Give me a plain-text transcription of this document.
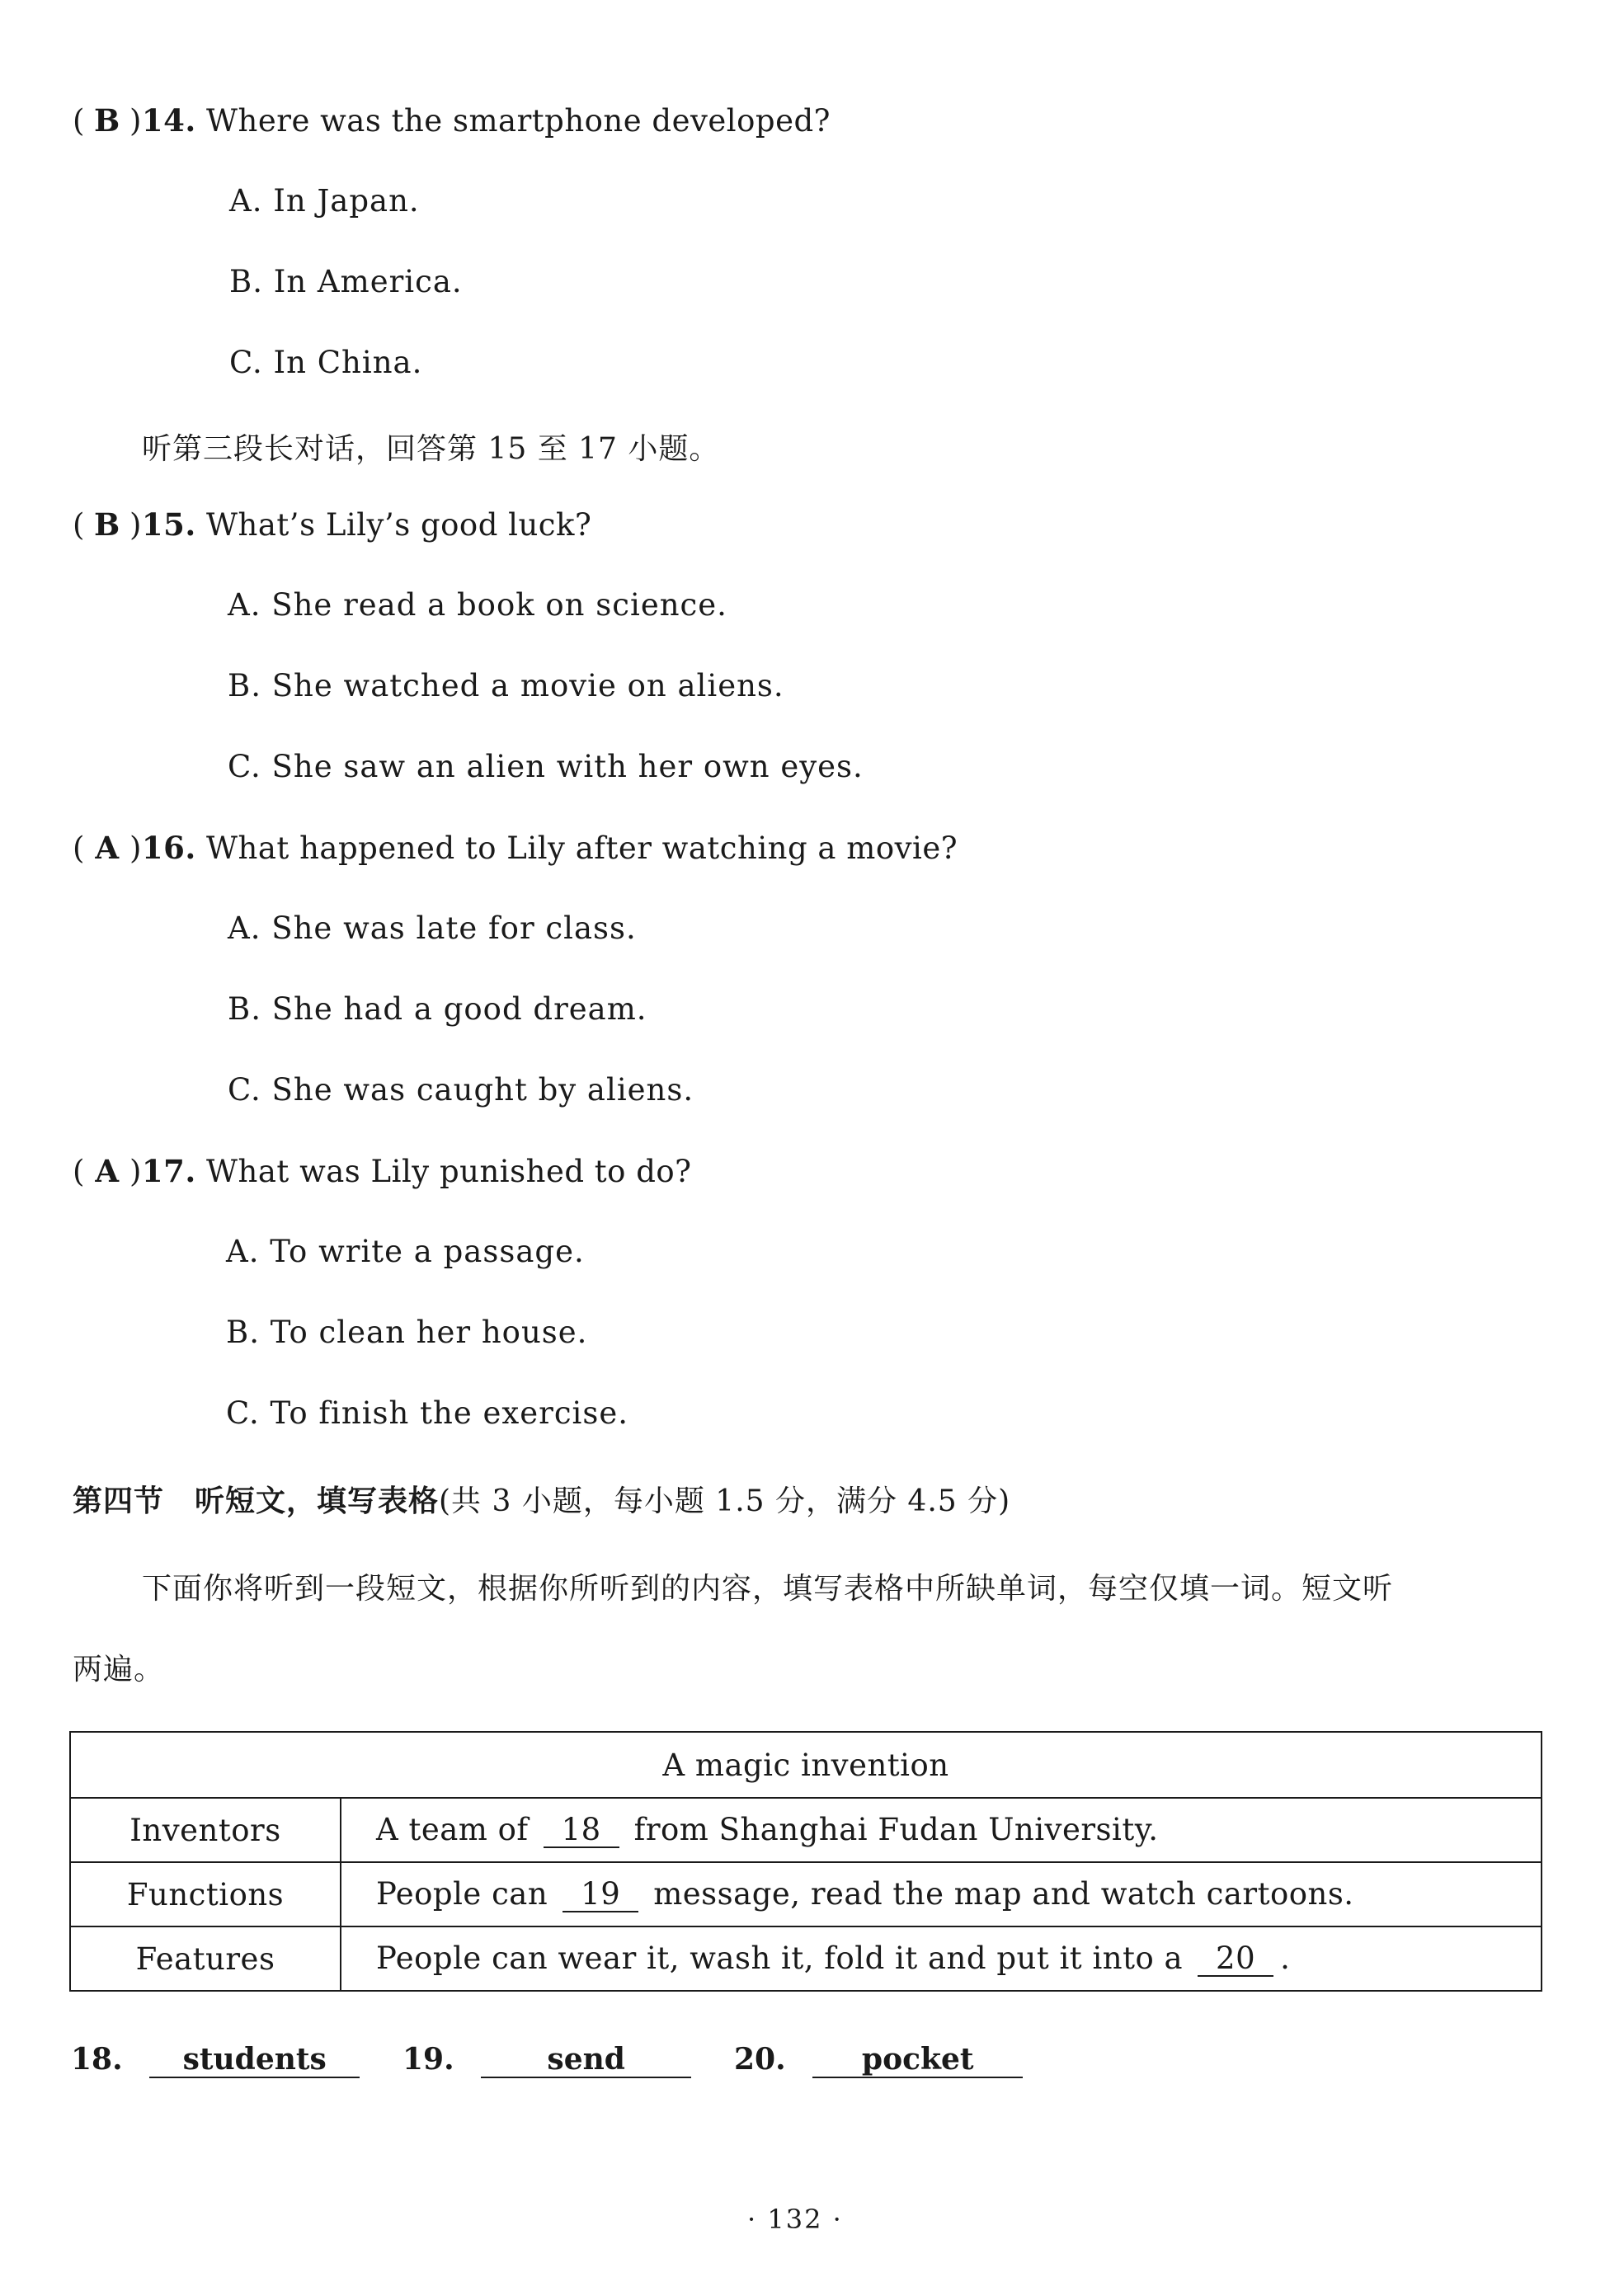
( B )14. Where was the smartphone developed?
A. In Japan.
B. In America.
C. In China.
听第三段长对话，回答第 15 至 17 小题。
( B )15. What’s Lily’s good luck?
A. She read a book on science.
B. She watched a movie on aliens.
C. She saw an alien with her own eyes.
( A )16. What happened to Lily after watching a movie?
A. She was late for class.
B. She had a good dream.
C. She was caught by aliens.
( A )17. What was Lily punished to do?
A. To write a passage.
B. To clean her house.
C. To finish the exercise.
第四节　听短文，填写表格(共 3 小题，每小题 1.5 分，满分 4.5 分)
下面你将听到一段短文，根据你所听到的内容，填写表格中所缺单词，每空仅填一词。短文听
两遍。
A magic invention	
Inventors	A team of 18 from Shanghai Fudan University.
Functions	People can 19 message, read the map and watch cartoons.
Features	People can wear it, wash it, fold it and put it into a 20 .
18. students	19.	send	20.	pocket
· 132 ·
